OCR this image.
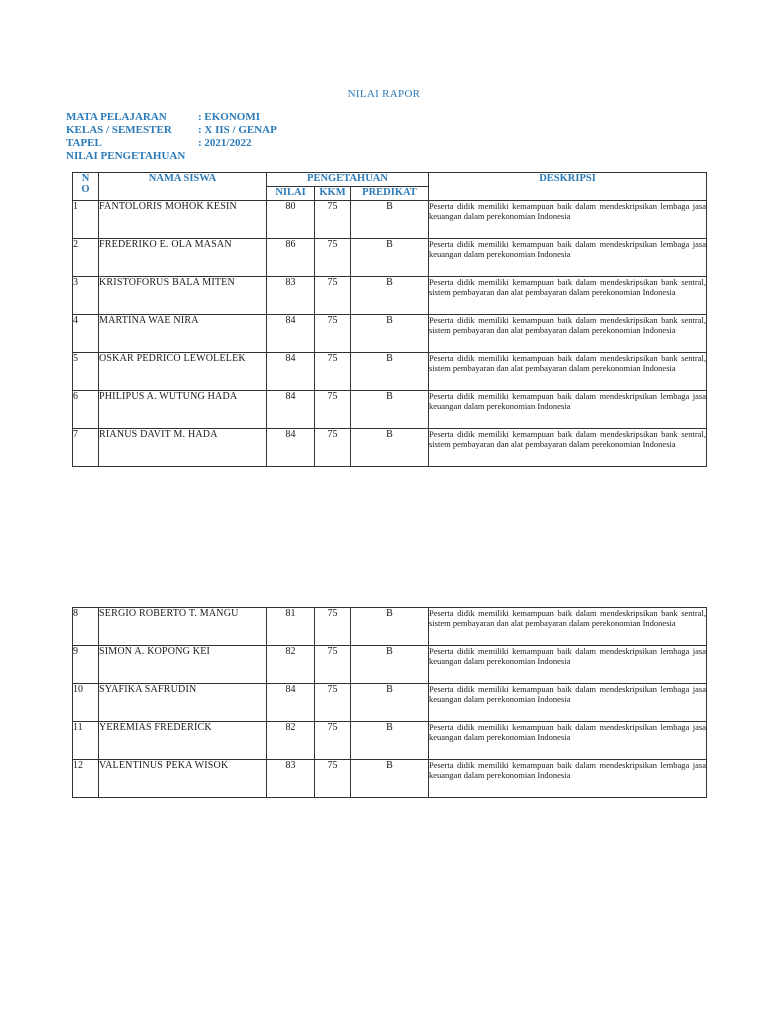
NILAI RAPOR
MATA PELAJARAN	: EKONOMI
KELAS / SEMESTER	: X IIS / GENAP
TAPEL	: 2021/2022
NILAI PENGETAHUAN
N
O	NAMA SISWA	PENGETAHUAN			DESKRIPSI
		NILAI	KKM	PREDIKAT	
1	FANTOLORIS MOHOK KESIN	80	75	B	Peserta didik memiliki kemampuan baik dalam mendeskripsikan lembaga jasa keuangan dalam perekonomian Indonesia
2	FREDERIKO E. OLA MASAN	86	75	B	Peserta didik memiliki kemampuan baik dalam mendeskripsikan lembaga jasa keuangan dalam perekonomian Indonesia
3	KRISTOFORUS BALA MITEN	83	75	B	Peserta didik memiliki kemampuan baik dalam mendeskripsikan bank sentral, sistem pembayaran dan alat pembayaran dalam perekonomian Indonesia
4	MARTINA WAE NIRA	84	75	B	Peserta didik memiliki kemampuan baik dalam mendeskripsikan bank sentral, sistem pembayaran dan alat pembayaran dalam perekonomian Indonesia
5	OSKAR PEDRICO LEWOLELEK	84	75	B	Peserta didik memiliki kemampuan baik dalam mendeskripsikan bank sentral, sistem pembayaran dan alat pembayaran dalam perekonomian Indonesia
6	PHILIPUS A. WUTUNG HADA	84	75	B	Peserta didik memiliki kemampuan baik dalam mendeskripsikan lembaga jasa keuangan dalam perekonomian Indonesia
7	RIANUS DAVIT M. HADA	84	75	B	Peserta didik memiliki kemampuan baik dalam mendeskripsikan bank sentral, sistem pembayaran dan alat pembayaran dalam perekonomian Indonesia
8	SERGIO ROBERTO T. MANGU	81	75	B	Peserta didik memiliki kemampuan baik dalam mendeskripsikan bank sentral, sistem pembayaran dan alat pembayaran dalam perekonomian Indonesia
9	SIMON A. KOPONG KEI	82	75	B	Peserta didik memiliki kemampuan baik dalam mendeskripsikan lembaga jasa keuangan dalam perekonomian Indonesia
10	SYAFIKA SAFRUDIN	84	75	B	Peserta didik memiliki kemampuan baik dalam mendeskripsikan lembaga jasa keuangan dalam perekonomian Indonesia
11	YEREMIAS FREDERICK	82	75	B	Peserta didik memiliki kemampuan baik dalam mendeskripsikan lembaga jasa keuangan dalam perekonomian Indonesia
12	VALENTINUS PEKA WISOK	83	75	B	Peserta didik memiliki kemampuan baik dalam mendeskripsikan lembaga jasa keuangan dalam perekonomian Indonesia
